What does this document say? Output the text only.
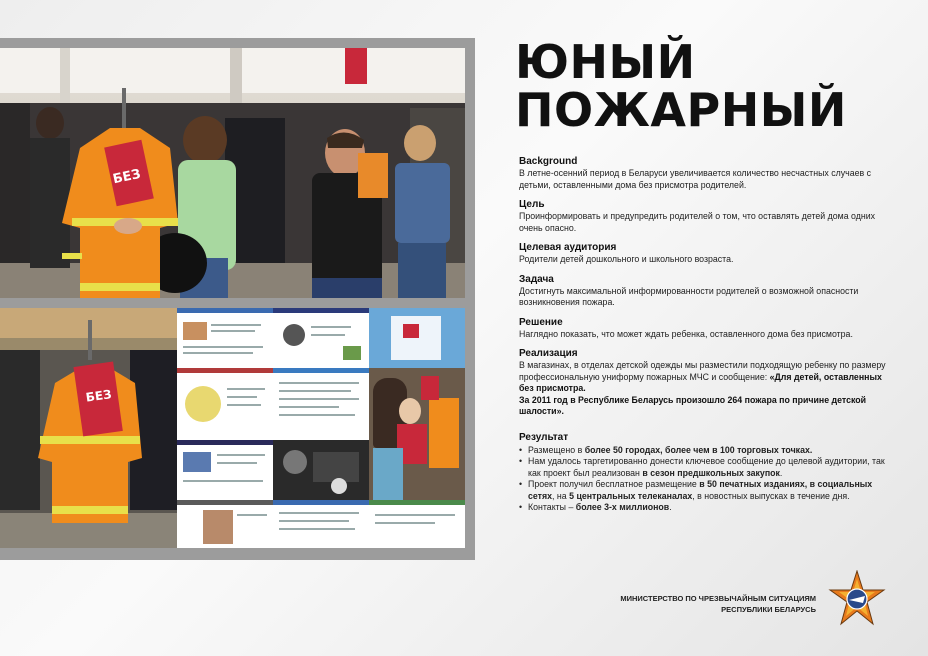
БЕЗ
БЕЗ
ЮНЫЙ
ПОЖАРНЫЙ
Background
В летне-осенний период в Беларуси увеличивается количество несчастных случаев с детьми, оставленными дома без присмотра родителей.
Цель
Проинформировать и предупредить родителей о том, что оставлять детей дома одних очень опасно.
Целевая аудитория
Родители детей дошкольного и школьного возраста.
Задача
Достигнуть максимальной информированности родителей о возможной опасности возникновения пожара.
Решение
Наглядно показать, что может ждать ребенка, оставленного дома без присмотра.
Реализация
В магазинах, в отделах детской одежды мы разместили подходящую ребенку по размеру профессиональную униформу пожарных МЧС и сообщение: «Для детей, оставленных без присмотра.
За 2011 год в Республике Беларусь произошло 264 пожара по причине детской шалости».
Результат
• Размещено в более 50 городах, более чем в 100 торговых точках.
• Нам удалось таргетированно донести ключевое сообщение до целевой аудитории, так как проект был реализован в сезон предшкольных закупок.
• Проект получил бесплатное размещение в 50 печатных изданиях, в социальных сетях, на 5 центральных телеканалах, в новостных выпусках в течение дня.
• Контакты – более 3-х миллионов.
МИНИСТЕРСТВО ПО ЧРЕЗВЫЧАЙНЫМ СИТУАЦИЯМ
РЕСПУБЛИКИ БЕЛАРУСЬ
